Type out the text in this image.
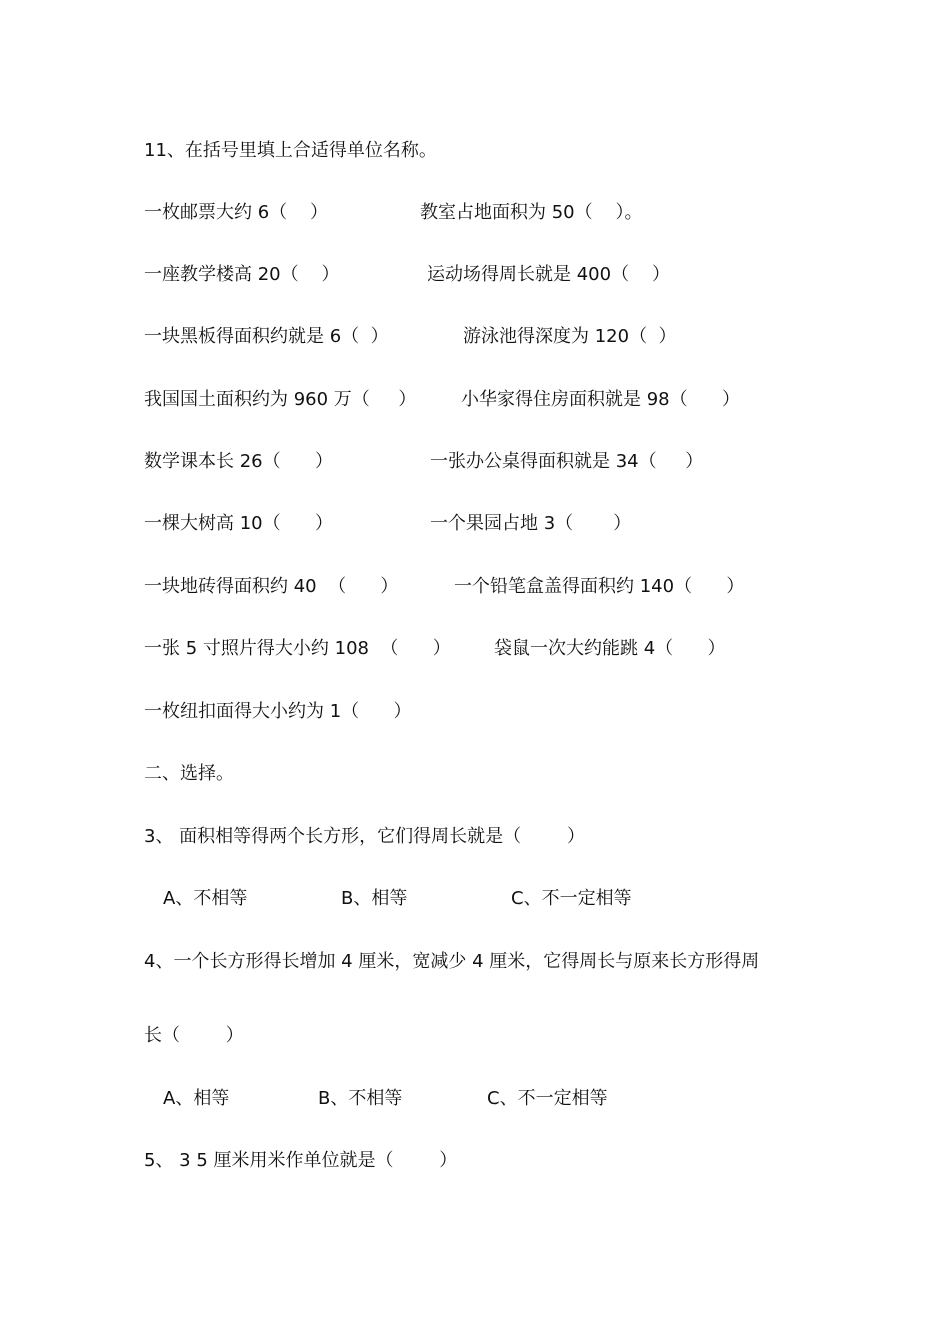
11、在括号里填上合适得单位名称。
一枚邮票大约 6（    ）	教室占地面积为 50（    ）。
一座教学楼高 20（    ）	运动场得周长就是 400（    ）
一块黑板得面积约就是 6（  ）	游泳池得深度为 120（  ）
我国国土面积约为 960 万（     ） 小华家得住房面积就是 98（      ）
数学课本长 26（      ）	一张办公桌得面积就是 34（     ）
一棵大树高 10（      ）	一个果园占地 3（       ）
一块地砖得面积约 40  （      ）	一个铅笔盒盖得面积约 140（      ）
一张 5 寸照片得大小约 108  （      ） 袋鼠一次大约能跳 4（      ）
一枚纽扣面得大小约为 1（      ）
二、选择。
3、 面积相等得两个长方形，它们得周长就是（        ）
A、不相等	B、相等	C、不一定相等
4、一个长方形得长增加 4 厘米，宽减少 4 厘米，它得周长与原来长方形得周
长（        ）
A、相等	B、不相等	C、不一定相等
5、 3 5 厘米用米作单位就是（        ）
